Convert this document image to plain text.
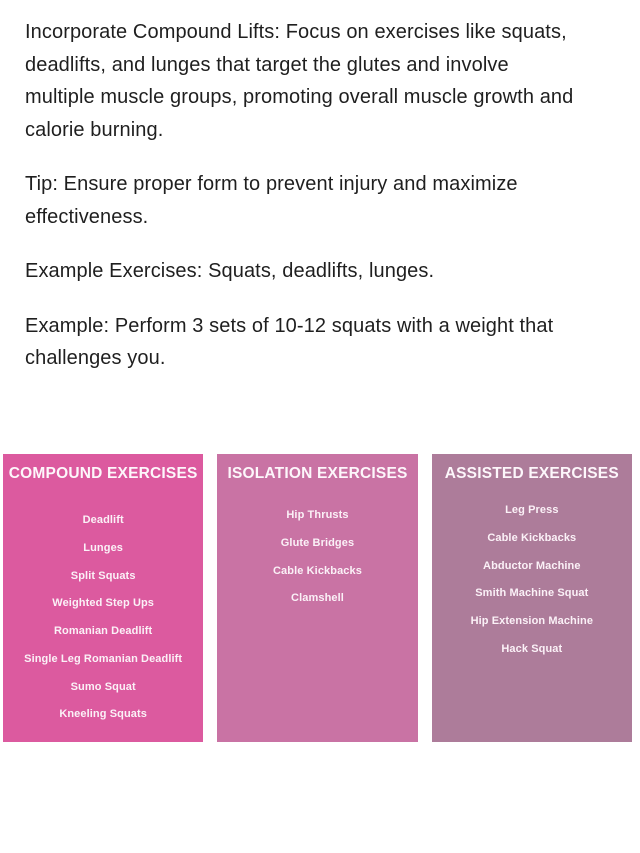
Incorporate Compound Lifts: Focus on exercises like squats, deadlifts, and lunges that target the glutes and involve multiple muscle groups, promoting overall muscle growth and calorie burning.

Tip: Ensure proper form to prevent injury and maximize effectiveness.

Example Exercises: Squats, deadlifts, lunges.

Example: Perform 3 sets of 10-12 squats with a weight that challenges you.

COMPOUND EXERCISES
Deadlift
Lunges
Split Squats
Weighted Step Ups
Romanian Deadlift
Single Leg Romanian Deadlift
Sumo Squat
Kneeling Squats
ISOLATION EXERCISES
Hip Thrusts
Glute Bridges
Cable Kickbacks
Clamshell
ASSISTED EXERCISES
Leg Press
Cable Kickbacks
Abductor Machine
Smith Machine Squat
Hip Extension Machine
Hack Squat
